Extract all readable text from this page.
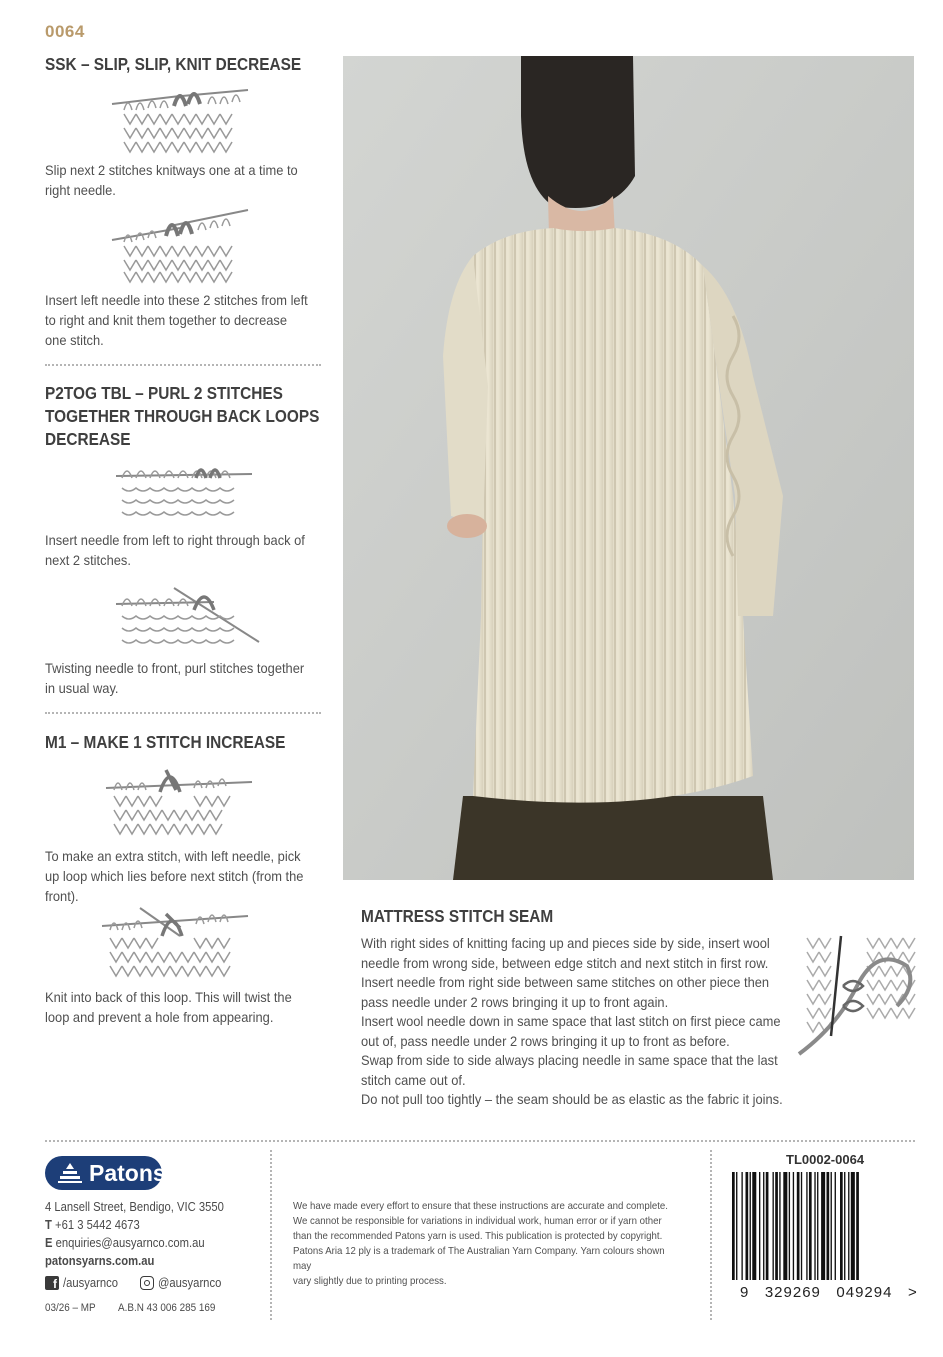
0064
SSK – SLIP, SLIP, KNIT DECREASE
Slip next 2 stitches knitways one at a time to right needle.
Insert left needle into these 2 stitches from left to right and knit them together to decrease one stitch.
P2TOG TBL – PURL 2 STITCHES
TOGETHER THROUGH BACK LOOPS
DECREASE
Insert needle from left to right through back of next 2 stitches.
Twisting needle to front, purl stitches together in usual way.
M1 – MAKE 1 STITCH INCREASE
To make an extra stitch, with left needle, pick up loop which lies before next stitch (from the front).
Knit into back of this loop. This will twist the loop and prevent a hole from appearing.
MATTRESS STITCH SEAM
With right sides of knitting facing up and pieces side by side, insert wool
needle from wrong side, between edge stitch and next stitch in first row.
Insert needle from right side between same stitches on other piece then
pass needle under 2 rows bringing it up to front again.
Insert wool needle down in same space that last stitch on first piece came
out of, pass needle under 2 rows bringing it up to front as before.
Swap from side to side always placing needle in same space that the last
stitch came out of.
Do not pull too tightly – the seam should be as elastic as the fabric it joins.
Patons
4 Lansell Street, Bendigo, VIC 3550
T +61 3 5442 4673
E enquiries@ausyarnco.com.au
patonsyarns.com.au
f /ausyarnco	@ausyarnco
03/26 – MP A.B.N 43 006 285 169
We have made every effort to ensure that these instructions are accurate and complete.
We cannot be responsible for variations in individual work, human error or if yarn other
than the recommended Patons yarn is used. This publication is protected by copyright.
Patons Aria 12 ply is a trademark of The Australian Yarn Company. Yarn colours shown may
vary slightly due to printing process.
TL0002-0064
9   329269   049294   >
